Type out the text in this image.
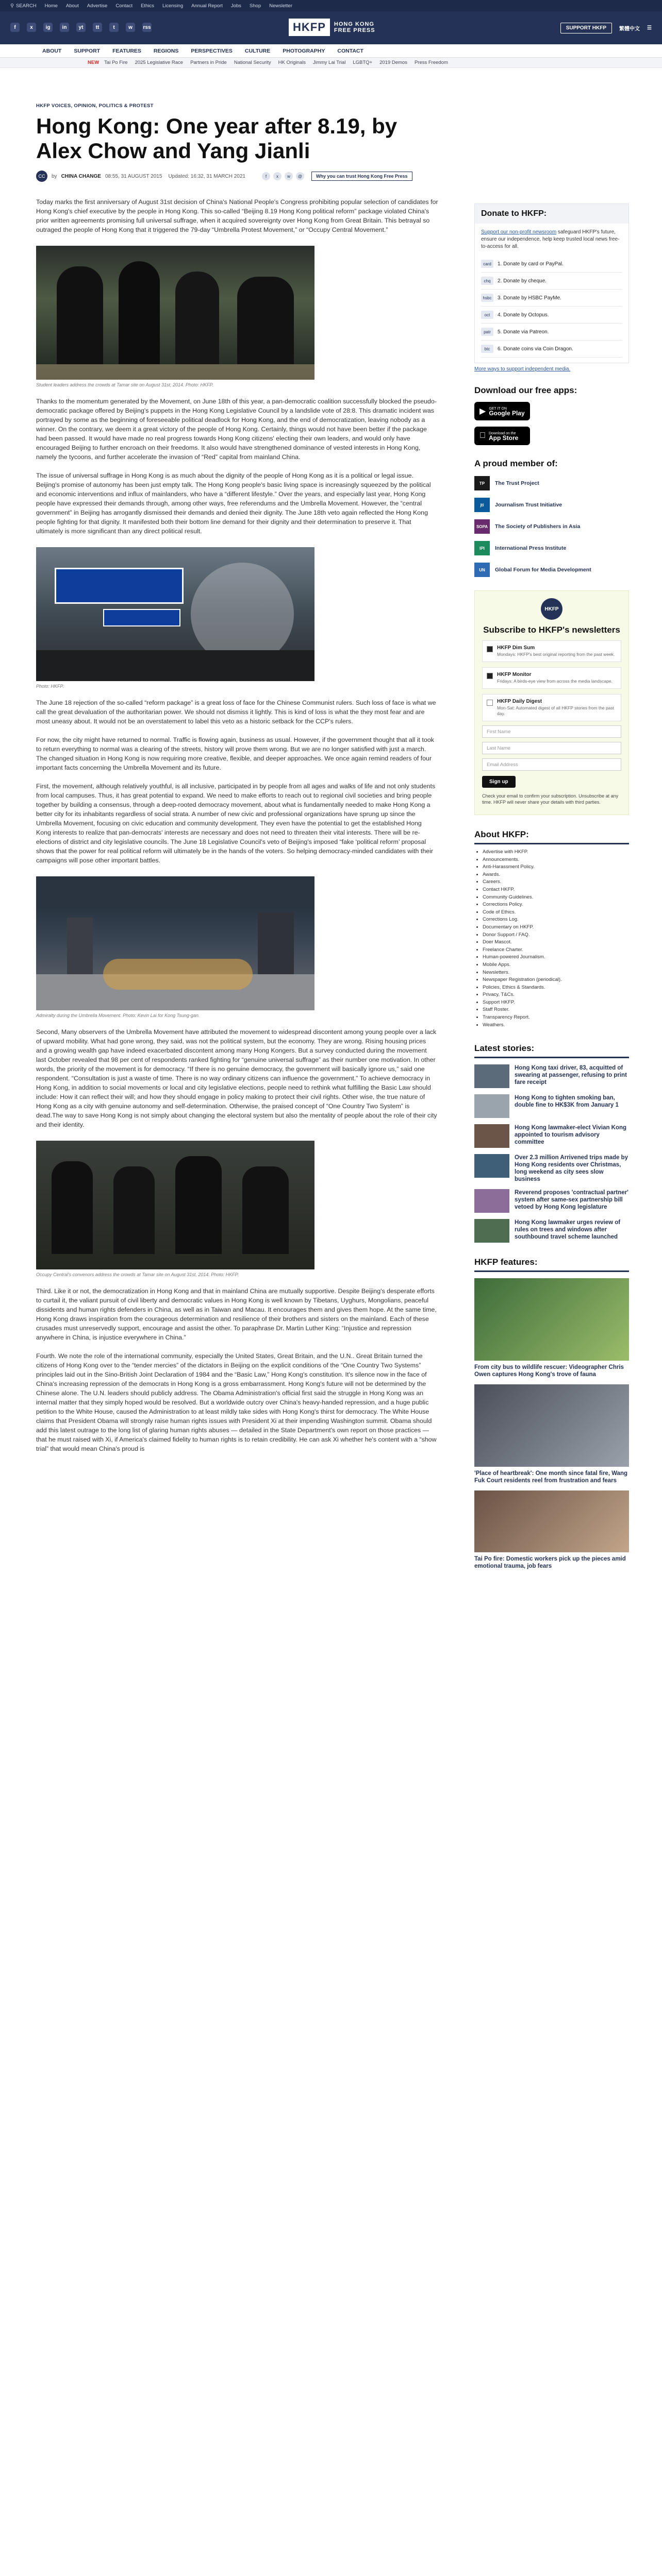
⚲ SEARCH Home About Advertise Contact Ethics Licensing Annual Report Jobs Shop Newsletter
f	x	ig	in	yt	tt	t	w	rss	HKFP	HONG KONG
FREE PRESS	SUPPORT HKFP	繁體中文 ☰
ABOUT SUPPORT FEATURES REGIONS PERSPECTIVES CULTURE PHOTOGRAPHY CONTACT
NEW Tai Po Fire 2025 Legislative Race Partners in Pride National Security HK Originals Jimmy Lai Trial LGBTQ+ 2019 Demos Press Freedom
HKFP VOICES, OPINION, POLITICS & PROTEST
Hong Kong: One year after 8.19, by Alex Chow and Yang Jianli
CC	by CHINA CHANGE 08:55, 31 AUGUST 2015 Updated: 16:32, 31 MARCH 2021	f	x	w	@	Why you can trust Hong Kong Free Press

Today marks the first anniversary of August 31st decision of China's National People's Congress prohibiting popular selection of candidates for Hong Kong's chief executive by the people in Hong Kong. This so-called “Beijing 8.19 Hong Kong political reform” package violated China's prior written agreements promising full universal suffrage, when it acquired sovereignty over Hong Kong from Great Britain. This betrayal so outraged the people of Hong Kong that it triggered the 79-day “Umbrella Protest Movement,” or “Occupy Central Movement.”

Student leaders address the crowds at Tamar site on August 31st, 2014. Photo: HKFP.

Thanks to the momentum generated by the Movement, on June 18th of this year, a pan-democratic coalition successfully blocked the pseudo-democratic package offered by Beijing's puppets in the Hong Kong Legislative Council by a landslide vote of 28:8. This dramatic incident was portrayed by some as the beginning of foreseeable political deadlock for Hong Kong, and the end of democratization, leaving nobody as a winner. On the contrary, we deem it a great victory of the people of Hong Kong. Certainly, things would not have been better if the package had been passed. It would have made no real progress towards Hong Kong citizens' electing their own leaders, and would only have encouraged Beijing to further encroach on their freedoms. It also would have strengthened dominance of vested interests in Hong Kong, namely the tycoons, and further accelerate the invasion of “Red” capital from mainland China.

The issue of universal suffrage in Hong Kong is as much about the dignity of the people of Hong Kong as it is a political or legal issue. Beijing's promise of autonomy has been just empty talk. The Hong Kong people's basic living space is increasingly squeezed by the political and economic interventions and influx of mainlanders, who have a “different lifestyle.” Over the years, and especially last year, Hong Kong people have expressed their demands through, among other ways, free referendums and the Umbrella Movement. However, the “central government” in Beijing has arrogantly dismissed their demands and denied their dignity. The June 18th veto again reflected the Hong Kong people fighting for that dignity. It manifested both their bottom line demand for their dignity and their determination to preserve it. That ultimately is more significant than any direct political result.

Photo: HKFP.

The June 18 rejection of the so-called “reform package” is a great loss of face for the Chinese Communist rulers. Such loss of face is what we call the great devaluation of the authoritarian power. We should not dismiss it lightly. This is kind of loss is what the they most fear and are most uneasy about. It would not be an overstatement to label this veto as a historic setback for the CCP's rulers.

For now, the city might have returned to normal. Traffic is flowing again, business as usual. However, if the government thought that all it took to return everything to normal was a clearing of the streets, history will prove them wrong. But we are no longer satisfied with just a march. The changed situation in Hong Kong is now requiring more creative, flexible, and deeper approaches. We once again remind readers of four important facts concerning the Umbrella Movement and its future.

First, the movement, although relatively youthful, is all inclusive, participated in by people from all ages and walks of life and not only students from local campuses. Thus, it has great potential to expand. We need to make efforts to reach out to regional civil societies and bring people together by building a consensus, through a deep-rooted democracy movement, about what is fundamentally needed to make Hong Kong a better city for its inhabitants regardless of social strata. A number of new civic and professional organizations have sprung up since the Umbrella Movement, focusing on civic education and community development. They even have the potential to get the established Hong Kong interests to realize that pan-democrats' interests are necessary and does not need to threaten their vital interests. There will be re-elections of district and city legislative councils. The June 18 Legislative Council's veto of Beijing's imposed “fake ‘political reform’ proposal shows that the power for real political reform will ultimately be in the hands of the voters. So helping democracy-minded candidates with their campaigns will pose other important battles.

Admiralty during the Umbrella Movement. Photo: Kevin Lai for Kong Tsung-gan.

Second, Many observers of the Umbrella Movement have attributed the movement to widespread discontent among young people over a lack of upward mobility. What had gone wrong, they said, was not the political system, but the economy. They are wrong. Rising housing prices and a growing wealth gap have indeed exacerbated discontent among many Hong Kongers. But a survey conducted during the movement last October revealed that 98 per cent of respondents ranked fighting for “genuine universal suffrage” as their number one motivation. In other words, the priority of the movement is for democracy. “If there is no genuine democracy, the government will basically ignore us,” said one respondent. “Consultation is just a waste of time. There is no way ordinary citizens can influence the government.” To achieve democracy in Hong Kong, in addition to social movements or local and city legislative elections, people need to rethink what fulfilling the Basic Law should include: How it can reflect their will; and how they should engage in policy making to protect their civil rights. Other wise, the true nature of Hong Kong as a city with genuine autonomy and self-determination. Otherwise, the praised concept of “One Country Two System” is dead.The way to save Hong Kong is not simply about changing the electoral system but also the mentality of people about the role of their city and their identity.

Occupy Central's convenors address the crowds at Tamar site on August 31st, 2014. Photo: HKFP.

Third. Like it or not, the democratization in Hong Kong and that in mainland China are mutually supportive. Despite Beijing's desperate efforts to curtail it, the valiant pursuit of civil liberty and democratic values in Hong Kong is well known by Tibetans, Uyghurs, Mongolians, peaceful dissidents and human rights defenders in China, as well as in Taiwan and Macau. It encourages them and gives them hope. At the same time, Hong Kong draws inspiration from the courageous determination and resilience of their brothers and sisters on the mainland. Each of these crusades must unreservedly support, encourage and assist the other. To paraphrase Dr. Martin Luther King: “Injustice and repression anywhere in China, is injustice everywhere in China.”

Fourth. We note the role of the international community, especially the United States, Great Britain, and the U.N.. Great Britain turned the citizens of Hong Kong over to the “tender mercies” of the dictators in Beijing on the explicit conditions of the “One Country Two Systems” principles laid out in the Sino-British Joint Declaration of 1984 and the “Basic Law,” Hong Kong's constitution. It's silence now in the face of China's increasing repression of the democrats in Hong Kong is a gross embarrassment. Hong Kong's future will not be determined by the Chinese alone. The U.N. leaders should publicly address. The Obama Administration's official first said the struggle in Hong Kong was an internal matter that they simply hoped would be resolved. But a worldwide outcry over China's heavy-handed repression, and a huge public petition to the White House, caused the Administration to at least mildly take sides with Hong Kong's thirst for democracy. The White House claims that President Obama will strongly raise human rights issues with President Xi at their impending Washington summit. Obama should add this latest outrage to the long list of glaring human rights abuses — detailed in the State Department's own report on those practices — that he must raised with Xi, if America's claimed fidelity to human rights is to retain credibility. He can ask Xi whether he's content with a “show trial” that would mean China's proud is

Donate to HKFP:
Support our non-profit newsroom safeguard HKFP's future, ensure our independence, help keep trusted local news free-to-access for all.
card	1. Donate by card or PayPal.
chq	2. Donate by cheque.
hsbc	3. Donate by HSBC PayMe.
oct	4. Donate by Octopus.
patr	5. Donate via Patreon.
btc	6. Donate coins via Coin Dragon.
More ways to support independent media.
Download our free apps:
▶ GET IT ON
Google Play
Download on the
App Store
A proud member of:
TP	The Trust Project
jti	Journalism Trust Initiative
SOPA	The Society of Publishers in Asia
IPI	International Press Institute
UN	Global Forum for Media Development
HKFP
Subscribe to HKFP's newsletters
HKFP Dim Sum
Mondays: HKFP's best original reporting from the past week.
HKFP Monitor
Fridays: A birds-eye view from across the media landscape.
HKFP Daily Digest
Mon-Sat: Automated digest of all HKFP stories from the past day.
First Name
Last Name
Email Address
Sign up
Check your email to confirm your subscription. Unsubscribe at any time. HKFP will never share your details with third parties.
About HKFP:
• Advertise with HKFP.
• Announcements.
• Anti-Harassment Policy.
• Awards.
• Careers.
• Contact HKFP.
• Community Guidelines.
• Corrections Policy.
• Code of Ethics.
• Corrections Log.
• Documentary on HKFP.
• Donor Support / FAQ.
• Doer Mascot.
• Freelance Charter.
• Human-powered Journalism.
• Mobile Apps.
• Newsletters.
• Newspaper Registration (periodical).
• Policies, Ethics & Standards.
• Privacy, T&Cs.
• Support HKFP.
• Staff Roster.
• Transparency Report.
• Weathers.
Latest stories:
Hong Kong taxi driver, 83, acquitted of swearing at passenger, refusing to print fare receipt
Hong Kong to tighten smoking ban, double fine to HK$3K from January 1
Hong Kong lawmaker-elect Vivian Kong appointed to tourism advisory committee
Over 2.3 million Arrivened trips made by Hong Kong residents over Christmas, long weekend as city sees slow business
Reverend proposes 'contractual partner' system after same-sex partnership bill vetoed by Hong Kong legislature
Hong Kong lawmaker urges review of rules on trees and windows after southbound travel scheme launched
HKFP features:
From city bus to wildlife rescuer: Videographer Chris Owen captures Hong Kong's trove of fauna
'Place of heartbreak': One month since fatal fire, Wang Fuk Court residents reel from frustration and fears
Tai Po fire: Domestic workers pick up the pieces amid emotional trauma, job fears
